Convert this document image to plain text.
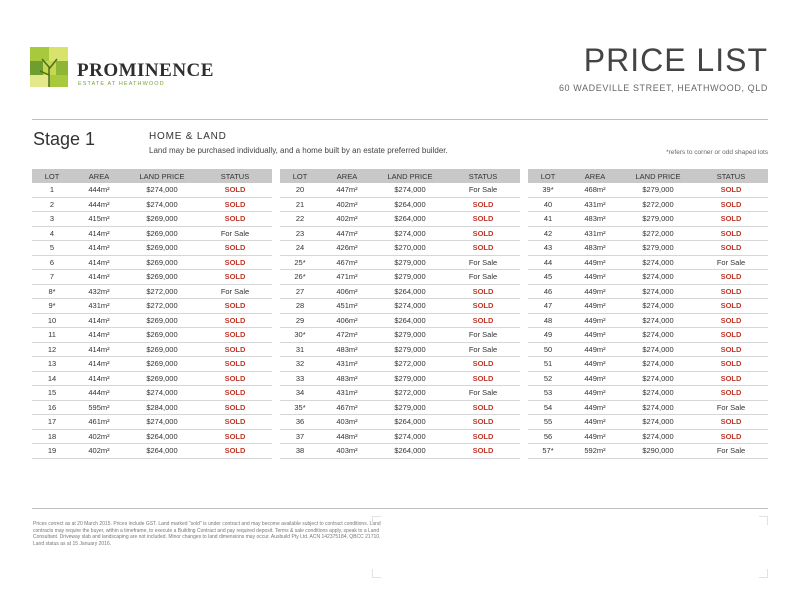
PROMINENCE
ESTATE AT HEATHWOOD
PRICE LIST
60 WADEVILLE STREET, HEATHWOOD, QLD
Stage 1	HOME & LAND
Land may be purchased individually, and a home built by an estate preferred builder.	*refers to corner or odd shaped lots
LOT	AREA	LAND PRICE	STATUS
1	444m²	$274,000	SOLD
2	444m²	$274,000	SOLD
3	415m²	$269,000	SOLD
4	414m²	$269,000	For Sale
5	414m²	$269,000	SOLD
6	414m²	$269,000	SOLD
7	414m²	$269,000	SOLD
8*	432m²	$272,000	For Sale
9*	431m²	$272,000	SOLD
10	414m²	$269,000	SOLD
11	414m²	$269,000	SOLD
12	414m²	$269,000	SOLD
13	414m²	$269,000	SOLD
14	414m²	$269,000	SOLD
15	444m²	$274,000	SOLD
16	595m²	$284,000	SOLD
17	461m²	$274,000	SOLD
18	402m²	$264,000	SOLD
19	402m²	$264,000	SOLD
LOT	AREA	LAND PRICE	STATUS
20	447m²	$274,000	For Sale
21	402m²	$264,000	SOLD
22	402m²	$264,000	SOLD
23	447m²	$274,000	SOLD
24	426m²	$270,000	SOLD
25*	467m²	$279,000	For Sale
26*	471m²	$279,000	For Sale
27	406m²	$264,000	SOLD
28	451m²	$274,000	SOLD
29	406m²	$264,000	SOLD
30*	472m²	$279,000	For Sale
31	483m²	$279,000	For Sale
32	431m²	$272,000	SOLD
33	483m²	$279,000	SOLD
34	431m²	$272,000	For Sale
35*	467m²	$279,000	SOLD
36	403m²	$264,000	SOLD
37	448m²	$274,000	SOLD
38	403m²	$264,000	SOLD
LOT	AREA	LAND PRICE	STATUS
39*	468m²	$279,000	SOLD
40	431m²	$272,000	SOLD
41	483m²	$279,000	SOLD
42	431m²	$272,000	SOLD
43	483m²	$279,000	SOLD
44	449m²	$274,000	For Sale
45	449m²	$274,000	SOLD
46	449m²	$274,000	SOLD
47	449m²	$274,000	SOLD
48	449m²	$274,000	SOLD
49	449m²	$274,000	SOLD
50	449m²	$274,000	SOLD
51	449m²	$274,000	SOLD
52	449m²	$274,000	SOLD
53	449m²	$274,000	SOLD
54	449m²	$274,000	For Sale
55	449m²	$274,000	SOLD
56	449m²	$274,000	SOLD
57*	592m²	$290,000	For Sale
Prices correct as at 20 March 2015. Prices include GST. Land marked "sold" is under contract and may become available subject to contract conditions. Land contracts may require the buyer, within a timeframe, to execute a Building Contract and pay required deposit. Terms & sale conditions apply, speak to a Land Consultant. Driveway slab and landscaping are not included. Minor changes to land dimensions may occur. Ausbuild Pty Ltd. ACN 142375184, QBCC 21710. Land status as at 15 January 2016.
